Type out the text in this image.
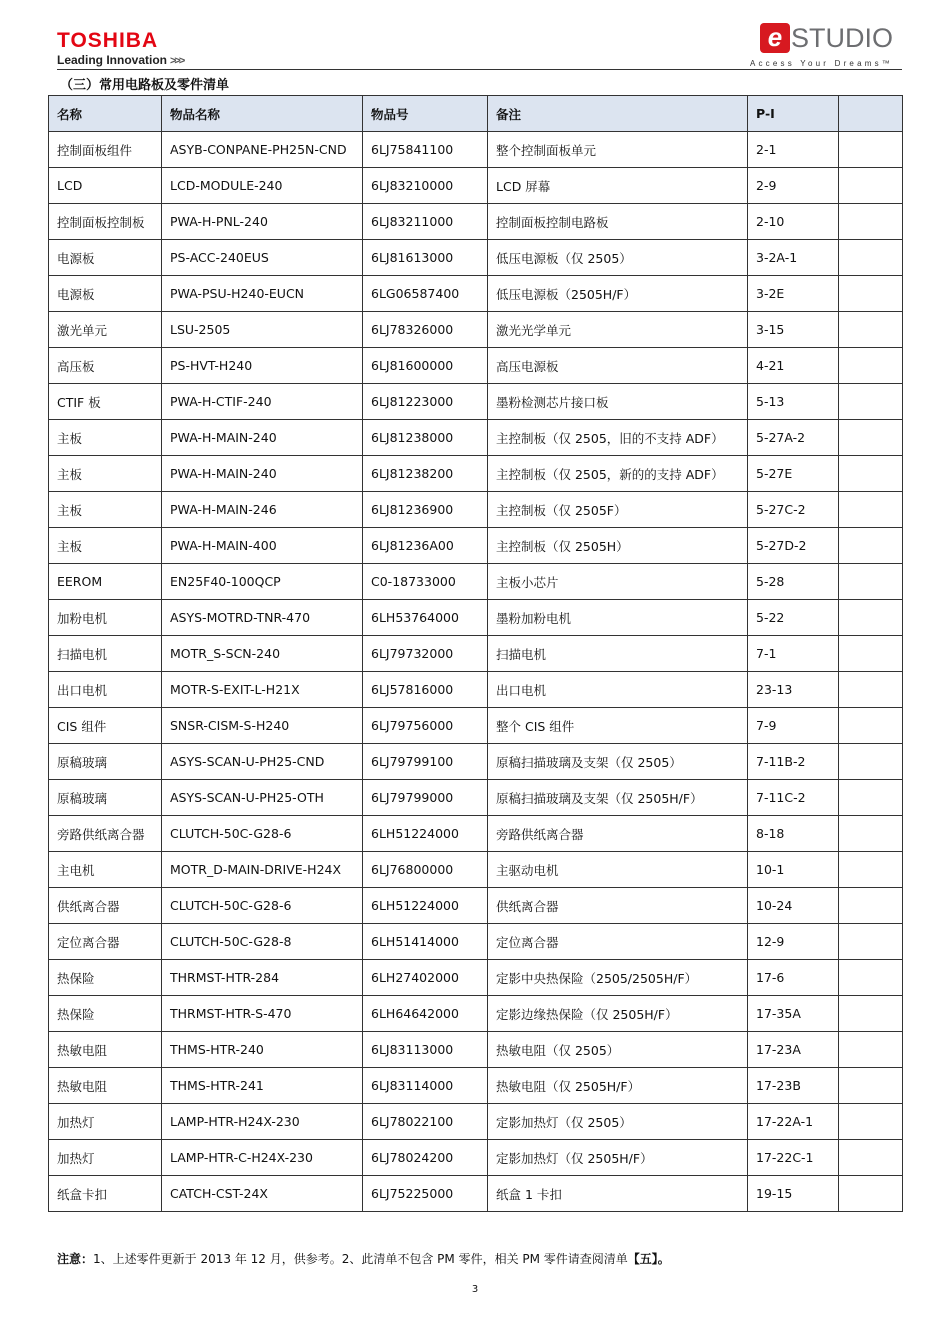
TOSHIBA
Leading Innovation >>>
e STUDIO
Access Your Dreams™
（三）常用电路板及零件清单
名称	物品名称	物品号	备注	P-I	
控制面板组件	ASYB-CONPANE-PH25N-CND	6LJ75841100	整个控制面板单元	2-1	
LCD	LCD-MODULE-240	6LJ83210000	LCD 屏幕	2-9	
控制面板控制板	PWA-H-PNL-240	6LJ83211000	控制面板控制电路板	2-10	
电源板	PS-ACC-240EUS	6LJ81613000	低压电源板（仅 2505）	3-2A-1	
电源板	PWA-PSU-H240-EUCN	6LG06587400	低压电源板（2505H/F）	3-2E	
激光单元	LSU-2505	6LJ78326000	激光光学单元	3-15	
高压板	PS-HVT-H240	6LJ81600000	高压电源板	4-21	
CTIF 板	PWA-H-CTIF-240	6LJ81223000	墨粉检测芯片接口板	5-13	
主板	PWA-H-MAIN-240	6LJ81238000	主控制板（仅 2505，旧的不支持 ADF）	5-27A-2	
主板	PWA-H-MAIN-240	6LJ81238200	主控制板（仅 2505，新的的支持 ADF）	5-27E	
主板	PWA-H-MAIN-246	6LJ81236900	主控制板（仅 2505F）	5-27C-2	
主板	PWA-H-MAIN-400	6LJ81236A00	主控制板（仅 2505H）	5-27D-2	
EEROM	EN25F40-100QCP	C0-18733000	主板小芯片	5-28	
加粉电机	ASYS-MOTRD-TNR-470	6LH53764000	墨粉加粉电机	5-22	
扫描电机	MOTR_S-SCN-240	6LJ79732000	扫描电机	7-1	
出口电机	MOTR-S-EXIT-L-H21X	6LJ57816000	出口电机	23-13	
CIS 组件	SNSR-CISM-S-H240	6LJ79756000	整个 CIS 组件	7-9	
原稿玻璃	ASYS-SCAN-U-PH25-CND	6LJ79799100	原稿扫描玻璃及支架（仅 2505）	7-11B-2	
原稿玻璃	ASYS-SCAN-U-PH25-OTH	6LJ79799000	原稿扫描玻璃及支架（仅 2505H/F）	7-11C-2	
旁路供纸离合器	CLUTCH-50C-G28-6	6LH51224000	旁路供纸离合器	8-18	
主电机	MOTR_D-MAIN-DRIVE-H24X	6LJ76800000	主驱动电机	10-1	
供纸离合器	CLUTCH-50C-G28-6	6LH51224000	供纸离合器	10-24	
定位离合器	CLUTCH-50C-G28-8	6LH51414000	定位离合器	12-9	
热保险	THRMST-HTR-284	6LH27402000	定影中央热保险（2505/2505H/F）	17-6	
热保险	THRMST-HTR-S-470	6LH64642000	定影边缘热保险（仅 2505H/F）	17-35A	
热敏电阻	THMS-HTR-240	6LJ83113000	热敏电阻（仅 2505）	17-23A	
热敏电阻	THMS-HTR-241	6LJ83114000	热敏电阻（仅 2505H/F）	17-23B	
加热灯	LAMP-HTR-H24X-230	6LJ78022100	定影加热灯（仅 2505）	17-22A-1	
加热灯	LAMP-HTR-C-H24X-230	6LJ78024200	定影加热灯（仅 2505H/F）	17-22C-1	
纸盒卡扣	CATCH-CST-24X	6LJ75225000	纸盒 1 卡扣	19-15	
注意：1、上述零件更新于 2013 年 12 月，供参考。2、此清单不包含 PM 零件，相关 PM 零件请查阅清单【五】。
3
